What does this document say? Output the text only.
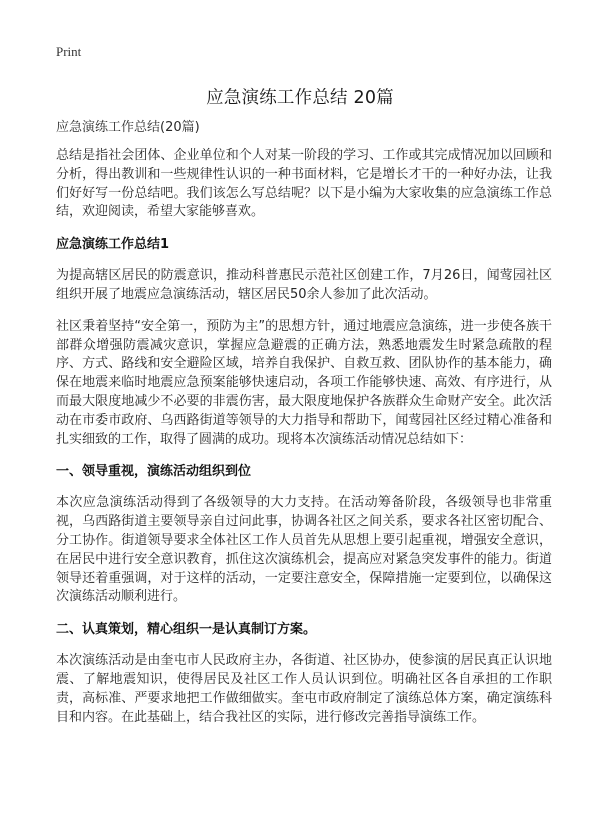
Print
应急演练工作总结 20篇

应急演练工作总结(20篇)

总结是指社会团体、企业单位和个人对某一阶段的学习、工作或其完成情况加以回顾和分析，得出教训和一些规律性认识的一种书面材料，它是增长才干的一种好办法，让我们好好写一份总结吧。我们该怎么写总结呢？以下是小编为大家收集的应急演练工作总结，欢迎阅读，希望大家能够喜欢。

应急演练工作总结1

为提高辖区居民的防震意识，推动科普惠民示范社区创建工作，7月26日，闻莺园社区组织开展了地震应急演练活动，辖区居民50余人参加了此次活动。

社区秉着坚持“安全第一，预防为主”的思想方针，通过地震应急演练，进一步使各族干部群众增强防震减灾意识，掌握应急避震的正确方法，熟悉地震发生时紧急疏散的程序、方式、路线和安全避险区域，培养自我保护、自救互救、团队协作的基本能力，确保在地震来临时地震应急预案能够快速启动，各项工作能够快速、高效、有序进行，从而最大限度地减少不必要的非震伤害，最大限度地保护各族群众生命财产安全。此次活动在市委市政府、乌西路街道等领导的大力指导和帮助下，闻莺园社区经过精心准备和扎实细致的工作，取得了圆满的成功。现将本次演练活动情况总结如下：

一、领导重视，演练活动组织到位

本次应急演练活动得到了各级领导的大力支持。在活动筹备阶段，各级领导也非常重视，乌西路街道主要领导亲自过问此事，协调各社区之间关系，要求各社区密切配合、分工协作。街道领导要求全体社区工作人员首先从思想上要引起重视，增强安全意识，在居民中进行安全意识教育，抓住这次演练机会，提高应对紧急突发事件的能力。街道领导还着重强调，对于这样的活动，一定要注意安全，保障措施一定要到位，以确保这次演练活动顺利进行。

二、认真策划，精心组织一是认真制订方案。

本次演练活动是由奎屯市人民政府主办，各街道、社区协办，使参演的居民真正认识地震、了解地震知识，使得居民及社区工作人员认识到位。明确社区各自承担的工作职责，高标准、严要求地把工作做细做实。奎屯市政府制定了演练总体方案，确定演练科目和内容。在此基础上，结合我社区的实际，进行修改完善指导演练工作。
